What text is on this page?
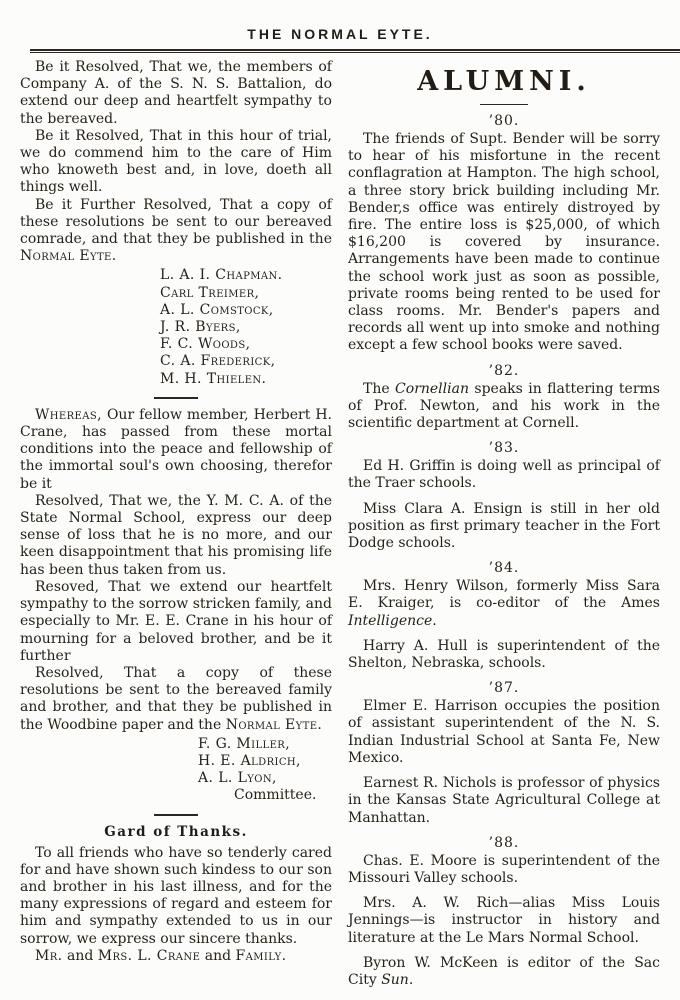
THE NORMAL EYTE.

Be it Resolved, That we, the members of Company A. of the S. N. S. Battalion, do extend our deep and heartfelt sympathy to the bereaved.

Be it Resolved, That in this hour of trial, we do commend him to the care of Him who knoweth best and, in love, doeth all things well.

Be it Further Resolved, That a copy of these resolutions be sent to our bereaved comrade, and that they be published in the Normal Eyte.

L. A. I. Chapman.
Carl Treimer,
A. L. Comstock,
J. R. Byers,
F. C. Woods,
C. A. Frederick,
M. H. Thielen.

Whereas, Our fellow member, Herbert H. Crane, has passed from these mortal conditions into the peace and fellowship of the immortal soul's own choosing, therefor be it

Resolved, That we, the Y. M. C. A. of the State Normal School, express our deep sense of loss that he is no more, and our keen disappointment that his promising life has been thus taken from us.

Resoved, That we extend our heartfelt sympathy to the sorrow stricken family, and especially to Mr. E. E. Crane in his hour of mourning for a beloved brother, and be it further

Resolved, That a copy of these resolutions be sent to the bereaved family and brother, and that they be published in the Woodbine paper and the Normal Eyte.

F. G. Miller,
H. E. Aldrich,
A. L. Lyon,
Committee.
Gard of Thanks.

To all friends who have so tenderly cared for and have shown such kindess to our son and brother in his last illness, and for the many expressions of regard and esteem for him and sympathy extended to us in our sorrow, we express our sincere thanks.

Mr. and Mrs. L. Crane and Family.

ALUMNI.
’80.

The friends of Supt. Bender will be sorry to hear of his misfortune in the recent conflagration at Hampton. The high school, a three story brick building including Mr. Bender,s office was entirely distroyed by fire. The entire loss is $25,000, of which $16,200 is covered by insurance. Arrangements have been made to continue the school work just as soon as possible, private rooms being rented to be used for class rooms. Mr. Bender's papers and records all went up into smoke and nothing except a few school books were saved.

’82.

The Cornellian speaks in flattering terms of Prof. Newton, and his work in the scientific department at Cornell.

’83.

Ed H. Griffin is doing well as principal of the Traer schools.

Miss Clara A. Ensign is still in her old position as first primary teacher in the Fort Dodge schools.

’84.

Mrs. Henry Wilson, formerly Miss Sara E. Kraiger, is co-editor of the Ames Intelligence.

Harry A. Hull is superintendent of the Shelton, Nebraska, schools.

’87.

Elmer E. Harrison occupies the position of assistant superintendent of the N. S. Indian Industrial School at Santa Fe, New Mexico.

Earnest R. Nichols is professor of physics in the Kansas State Agricultural College at Manhattan.

’88.

Chas. E. Moore is superintendent of the Missouri Valley schools.

Mrs. A. W. Rich—alias Miss Louis Jennings—is instructor in history and literature at the Le Mars Normal School.

Byron W. McKeen is editor of the Sac City Sun.
